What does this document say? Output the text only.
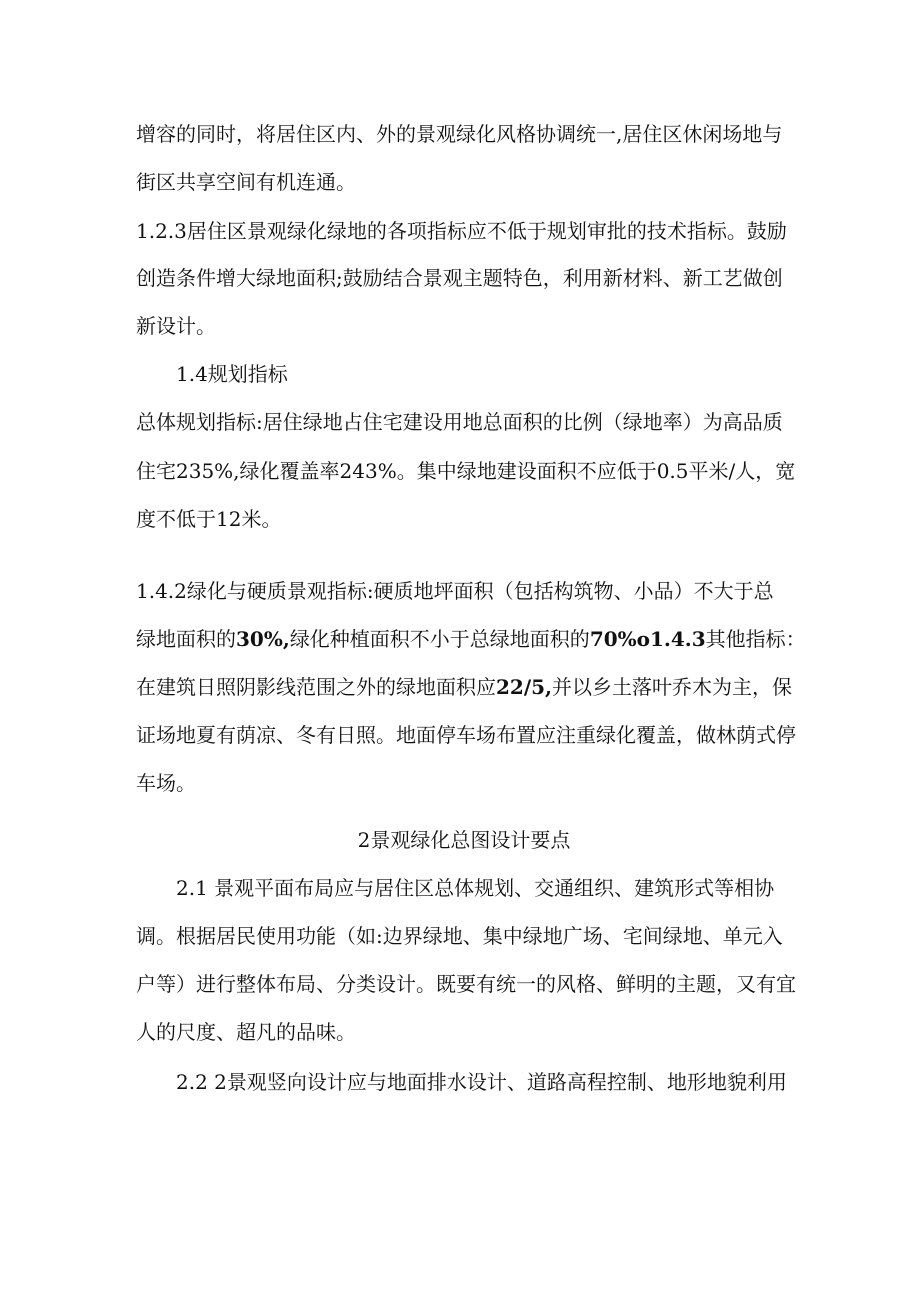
增容的同时，将居住区内、外的景观绿化风格协调统一,居住区休闲场地与
街区共享空间有机连通。
1.2.3居住区景观绿化绿地的各项指标应不低于规划审批的技术指标。鼓励
创造条件增大绿地面积;鼓励结合景观主题特色，利用新材料、新工艺做创
新设计。
1.4规划指标
总体规划指标:居住绿地占住宅建设用地总面积的比例（绿地率）为高品质
住宅235%,绿化覆盖率243%。集中绿地建设面积不应低于0.5平米/人，宽
度不低于12米。
1.4.2绿化与硬质景观指标:硬质地坪面积（包括构筑物、小品）不大于总
绿地面积的30%,绿化种植面积不小于总绿地面积的70%o1.4.3其他指标：
在建筑日照阴影线范围之外的绿地面积应22/5,并以乡土落叶乔木为主，保
证场地夏有荫凉、冬有日照。地面停车场布置应注重绿化覆盖，做林荫式停
车场。
2景观绿化总图设计要点
2.1 景观平面布局应与居住区总体规划、交通组织、建筑形式等相协
调。根据居民使用功能（如:边界绿地、集中绿地广场、宅间绿地、单元入
户等）进行整体布局、分类设计。既要有统一的风格、鲜明的主题，又有宜
人的尺度、超凡的品味。
2.2 2景观竖向设计应与地面排水设计、道路高程控制、地形地貌利用
